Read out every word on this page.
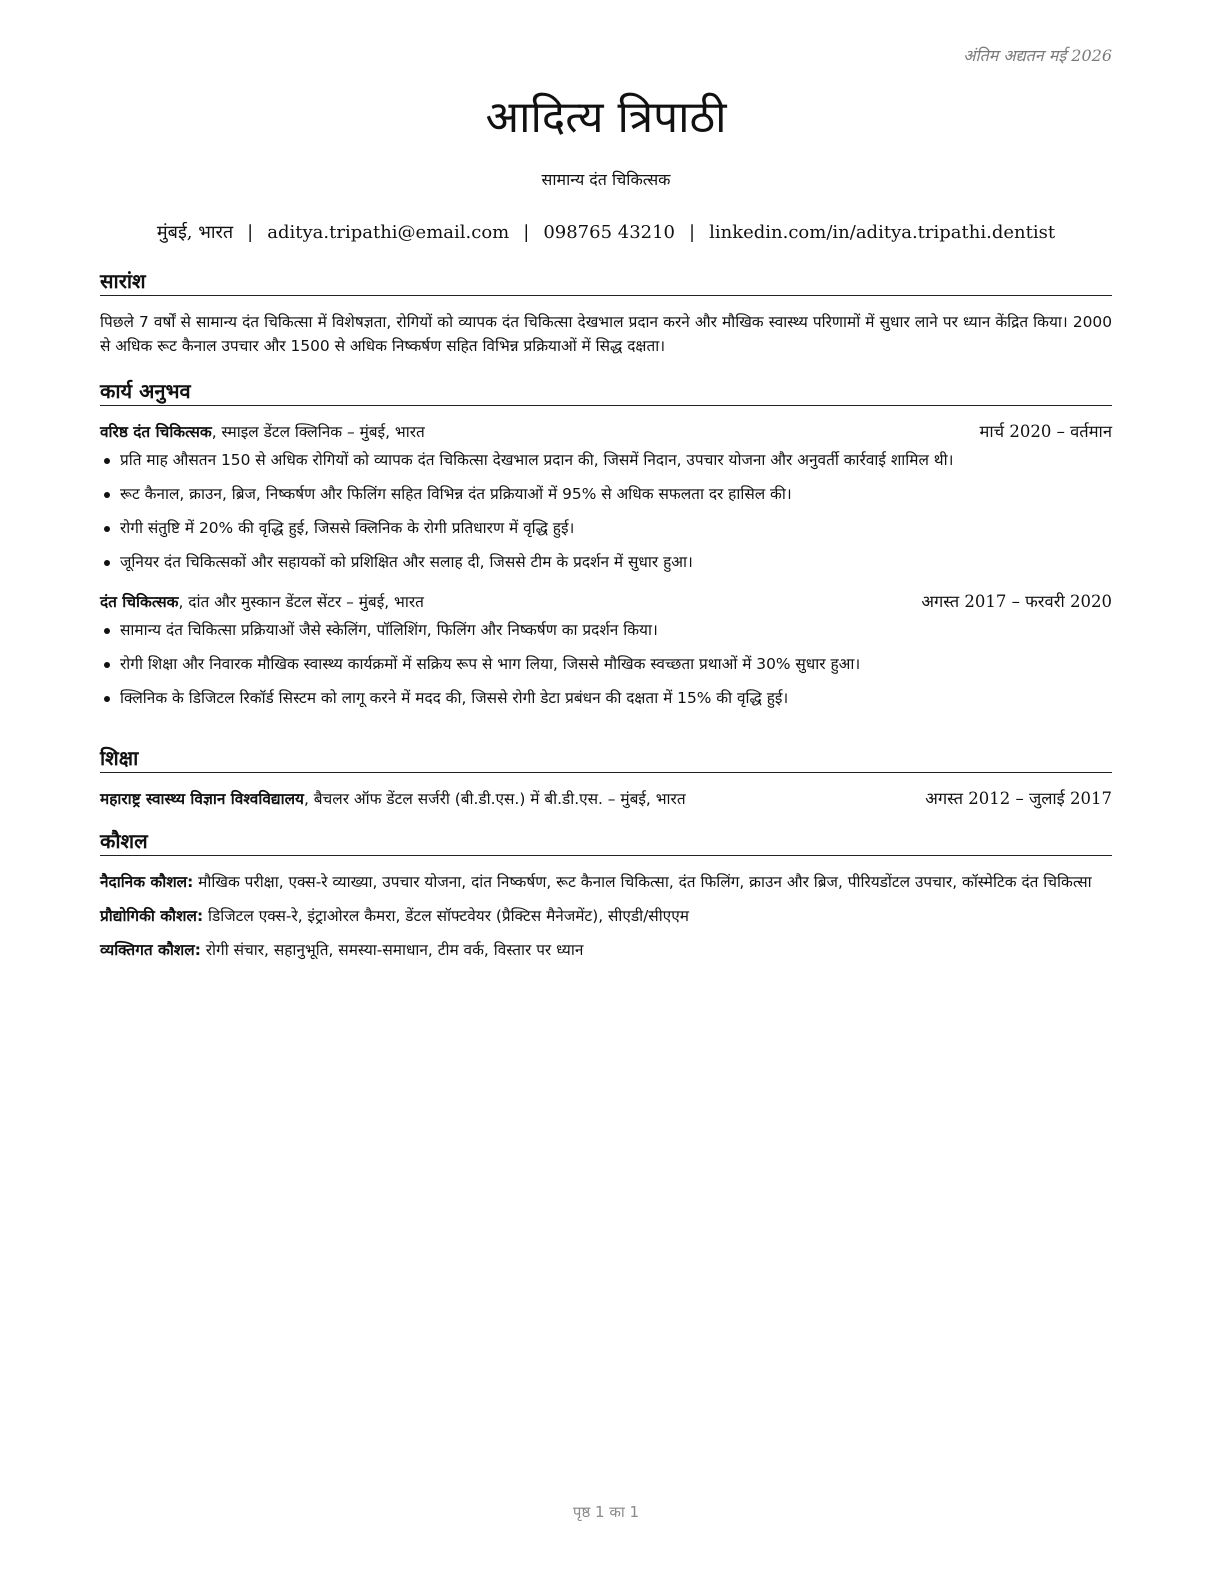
अंतिम अद्यतन मई 2026
आदित्य त्रिपाठी
सामान्य दंत चिकित्सक
मुंबई, भारत | aditya.tripathi@email.com | 098765 43210 | linkedin.com/in/aditya.tripathi.dentist
सारांश
पिछले 7 वर्षों से सामान्य दंत चिकित्सा में विशेषज्ञता, रोगियों को व्यापक दंत चिकित्सा देखभाल प्रदान करने और मौखिक स्वास्थ्य परिणामों में सुधार लाने पर ध्यान केंद्रित किया। 2000 से अधिक रूट कैनाल उपचार और 1500 से अधिक निष्कर्षण सहित विभिन्न प्रक्रियाओं में सिद्ध दक्षता।
कार्य अनुभव
वरिष्ठ दंत चिकित्सक, स्माइल डेंटल क्लिनिक – मुंबई, भारत	मार्च 2020 – वर्तमान
प्रति माह औसतन 150 से अधिक रोगियों को व्यापक दंत चिकित्सा देखभाल प्रदान की, जिसमें निदान, उपचार योजना और अनुवर्ती कार्रवाई शामिल थी।
रूट कैनाल, क्राउन, ब्रिज, निष्कर्षण और फिलिंग सहित विभिन्न दंत प्रक्रियाओं में 95% से अधिक सफलता दर हासिल की।
रोगी संतुष्टि में 20% की वृद्धि हुई, जिससे क्लिनिक के रोगी प्रतिधारण में वृद्धि हुई।
जूनियर दंत चिकित्सकों और सहायकों को प्रशिक्षित और सलाह दी, जिससे टीम के प्रदर्शन में सुधार हुआ।
दंत चिकित्सक, दांत और मुस्कान डेंटल सेंटर – मुंबई, भारत	अगस्त 2017 – फरवरी 2020
सामान्य दंत चिकित्सा प्रक्रियाओं जैसे स्केलिंग, पॉलिशिंग, फिलिंग और निष्कर्षण का प्रदर्शन किया।
रोगी शिक्षा और निवारक मौखिक स्वास्थ्य कार्यक्रमों में सक्रिय रूप से भाग लिया, जिससे मौखिक स्वच्छता प्रथाओं में 30% सुधार हुआ।
क्लिनिक के डिजिटल रिकॉर्ड सिस्टम को लागू करने में मदद की, जिससे रोगी डेटा प्रबंधन की दक्षता में 15% की वृद्धि हुई।
शिक्षा
महाराष्ट्र स्वास्थ्य विज्ञान विश्वविद्यालय, बैचलर ऑफ डेंटल सर्जरी (बी.डी.एस.) में बी.डी.एस. – मुंबई, भारत	अगस्त 2012 – जुलाई 2017
कौशल
नैदानिक कौशल: मौखिक परीक्षा, एक्स-रे व्याख्या, उपचार योजना, दांत निष्कर्षण, रूट कैनाल चिकित्सा, दंत फिलिंग, क्राउन और ब्रिज, पीरियडोंटल उपचार, कॉस्मेटिक दंत चिकित्सा
प्रौद्योगिकी कौशल: डिजिटल एक्स-रे, इंट्राओरल कैमरा, डेंटल सॉफ्टवेयर (प्रैक्टिस मैनेजमेंट), सीएडी/सीएएम
व्यक्तिगत कौशल: रोगी संचार, सहानुभूति, समस्या-समाधान, टीम वर्क, विस्तार पर ध्यान
पृष्ठ 1 का 1
